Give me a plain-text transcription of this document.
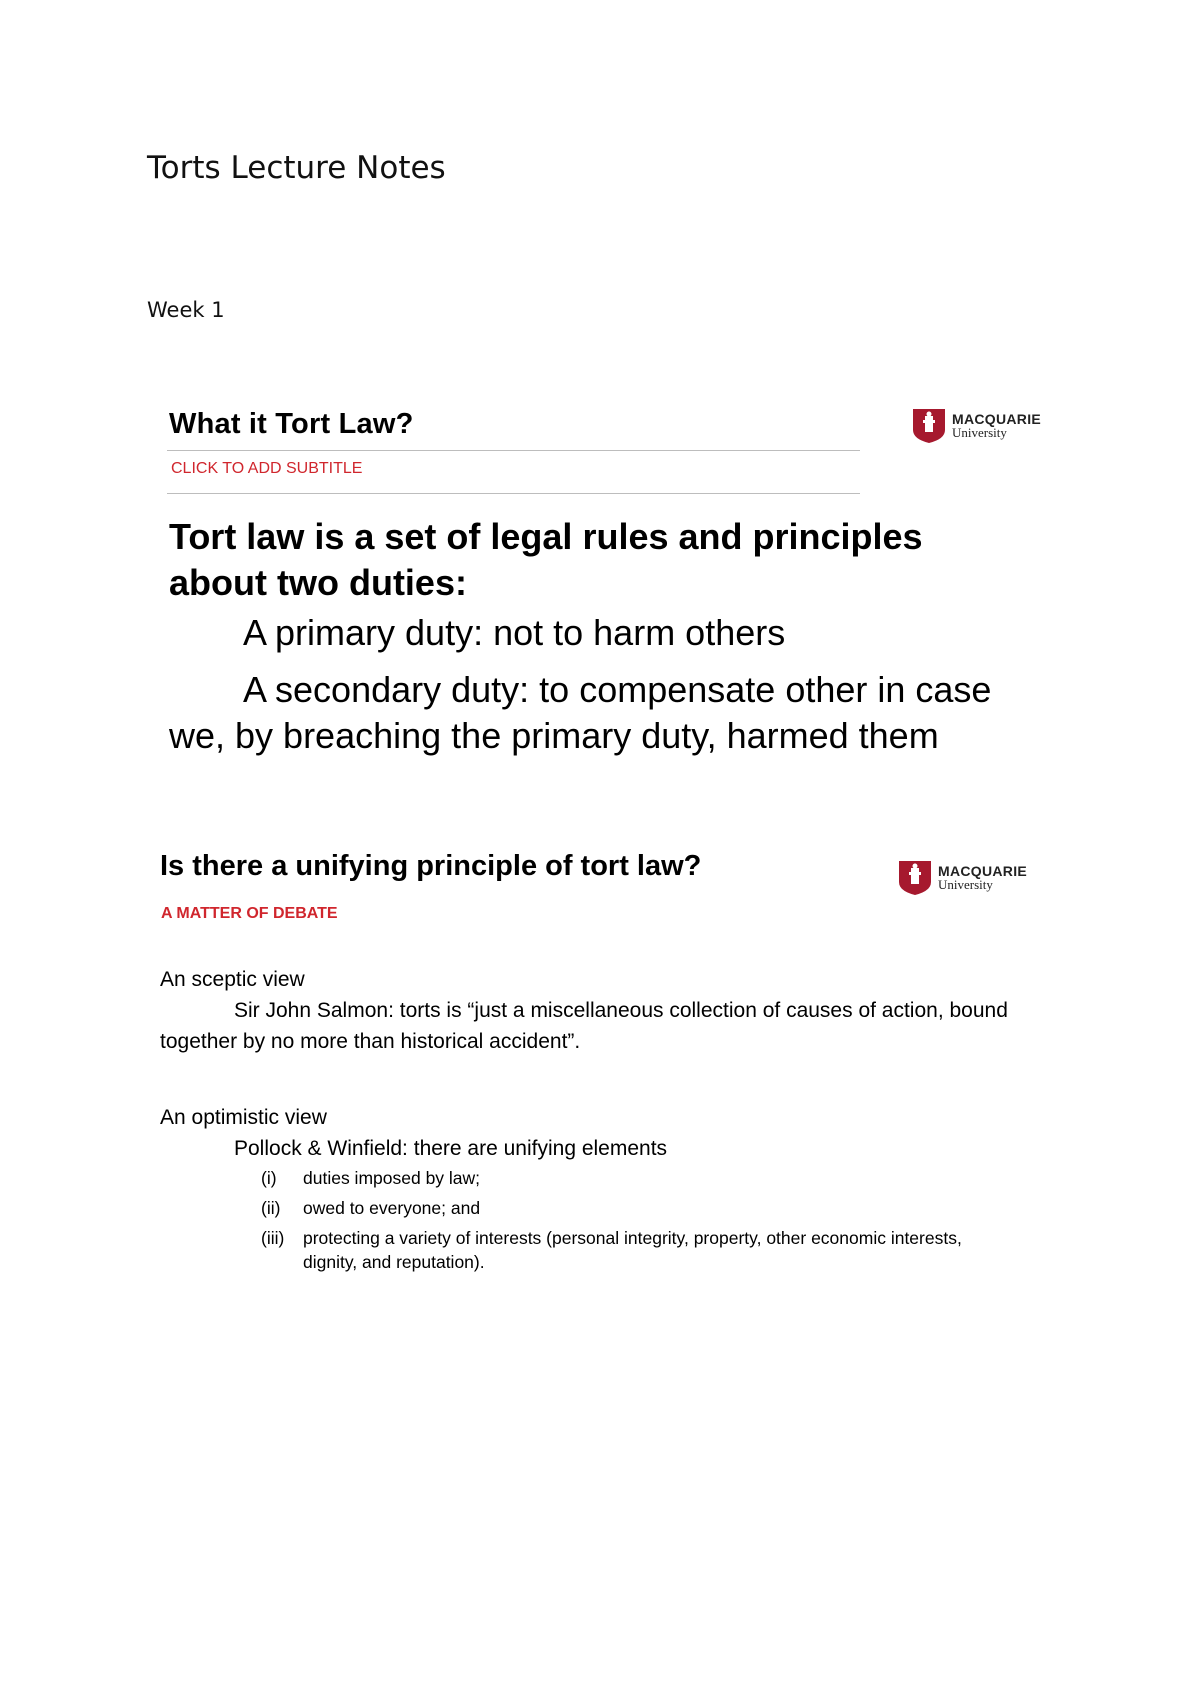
Torts Lecture Notes

Week 1

What it Tort Law?
CLICK TO ADD SUBTITLE
MACQUARIE
University

Tort law is a set of legal rules and principles about two duties:

A primary duty: not to harm others

A secondary duty: to compensate other in case we, by breaching the primary duty, harmed them

Is there a unifying principle of tort law?
A MATTER OF DEBATE
MACQUARIE
University

An sceptic view

Sir John Salmon: torts is “just a miscellaneous collection of causes of action, bound together by no more than historical accident”.

An optimistic view

Pollock & Winfield: there are unifying elements

(i) duties imposed by law;
(ii) owed to everyone; and
(iii) protecting a variety of interests (personal integrity, property, other economic interests, dignity, and reputation).
